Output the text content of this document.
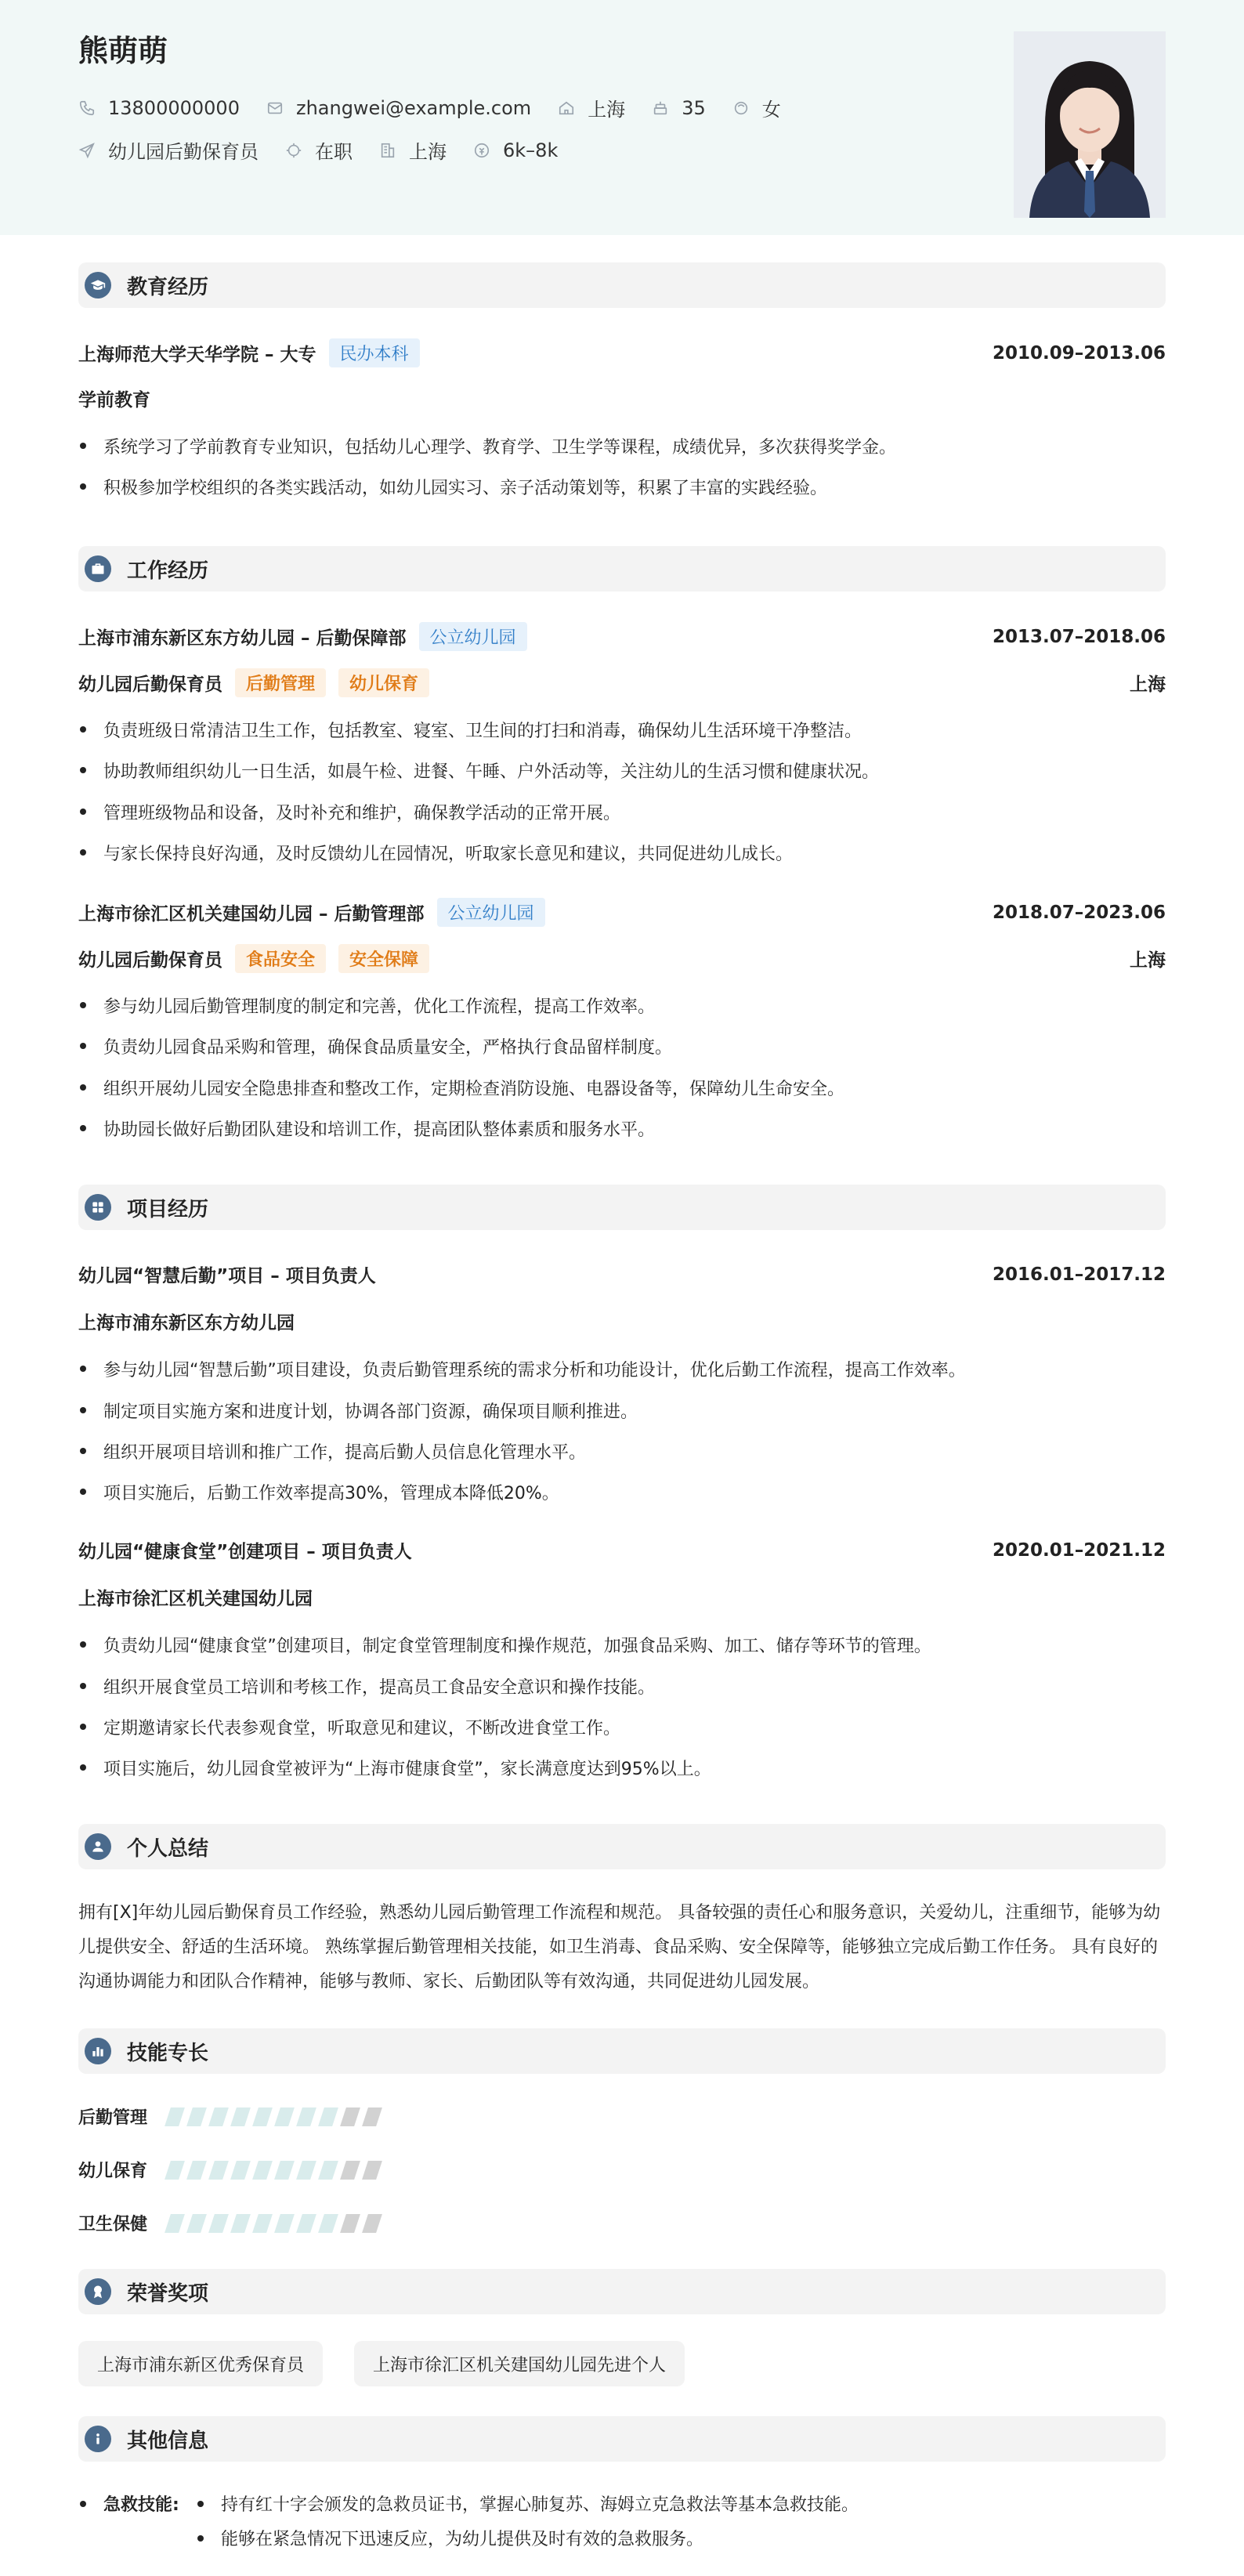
熊萌萌
13800000000	zhangwei@example.com	上海	35	女
幼儿园后勤保育员	在职	上海	6k–8k
教育经历
上海师范大学天华学院 – 大专	民办本科	2010.09–2013.06
学前教育
系统学习了学前教育专业知识，包括幼儿心理学、教育学、卫生学等课程，成绩优异，多次获得奖学金。
积极参加学校组织的各类实践活动，如幼儿园实习、亲子活动策划等，积累了丰富的实践经验。
工作经历
上海市浦东新区东方幼儿园 – 后勤保障部	公立幼儿园	2013.07–2018.06
幼儿园后勤保育员	后勤管理	幼儿保育	上海
负责班级日常清洁卫生工作，包括教室、寝室、卫生间的打扫和消毒，确保幼儿生活环境干净整洁。
协助教师组织幼儿一日生活，如晨午检、进餐、午睡、户外活动等，关注幼儿的生活习惯和健康状况。
管理班级物品和设备，及时补充和维护，确保教学活动的正常开展。
与家长保持良好沟通，及时反馈幼儿在园情况，听取家长意见和建议，共同促进幼儿成长。
上海市徐汇区机关建国幼儿园 – 后勤管理部	公立幼儿园	2018.07–2023.06
幼儿园后勤保育员	食品安全	安全保障	上海
参与幼儿园后勤管理制度的制定和完善，优化工作流程，提高工作效率。
负责幼儿园食品采购和管理，确保食品质量安全，严格执行食品留样制度。
组织开展幼儿园安全隐患排查和整改工作，定期检查消防设施、电器设备等，保障幼儿生命安全。
协助园长做好后勤团队建设和培训工作，提高团队整体素质和服务水平。
项目经历
幼儿园“智慧后勤”项目 – 项目负责人	2016.01–2017.12
上海市浦东新区东方幼儿园
参与幼儿园“智慧后勤”项目建设，负责后勤管理系统的需求分析和功能设计，优化后勤工作流程，提高工作效率。
制定项目实施方案和进度计划，协调各部门资源，确保项目顺利推进。
组织开展项目培训和推广工作，提高后勤人员信息化管理水平。
项目实施后，后勤工作效率提高30%，管理成本降低20%。
幼儿园“健康食堂”创建项目 – 项目负责人	2020.01–2021.12
上海市徐汇区机关建国幼儿园
负责幼儿园“健康食堂”创建项目，制定食堂管理制度和操作规范，加强食品采购、加工、储存等环节的管理。
组织开展食堂员工培训和考核工作，提高员工食品安全意识和操作技能。
定期邀请家长代表参观食堂，听取意见和建议，不断改进食堂工作。
项目实施后，幼儿园食堂被评为“上海市健康食堂”，家长满意度达到95%以上。
个人总结
拥有[X]年幼儿园后勤保育员工作经验，熟悉幼儿园后勤管理工作流程和规范。 具备较强的责任心和服务意识，关爱幼儿，注重细节，能够为幼儿提供安全、舒适的生活环境。 熟练掌握后勤管理相关技能，如卫生消毒、食品采购、安全保障等，能够独立完成后勤工作任务。 具有良好的沟通协调能力和团队合作精神，能够与教师、家长、后勤团队等有效沟通，共同促进幼儿园发展。
技能专长
后勤管理
幼儿保育
卫生保健
荣誉奖项
上海市浦东新区优秀保育员	上海市徐汇区机关建国幼儿园先进个人
其他信息
急救技能: 持有红十字会颁发的急救员证书，掌握心肺复苏、海姆立克急救法等基本急救技能。
能够在紧急情况下迅速反应，为幼儿提供及时有效的急救服务。
